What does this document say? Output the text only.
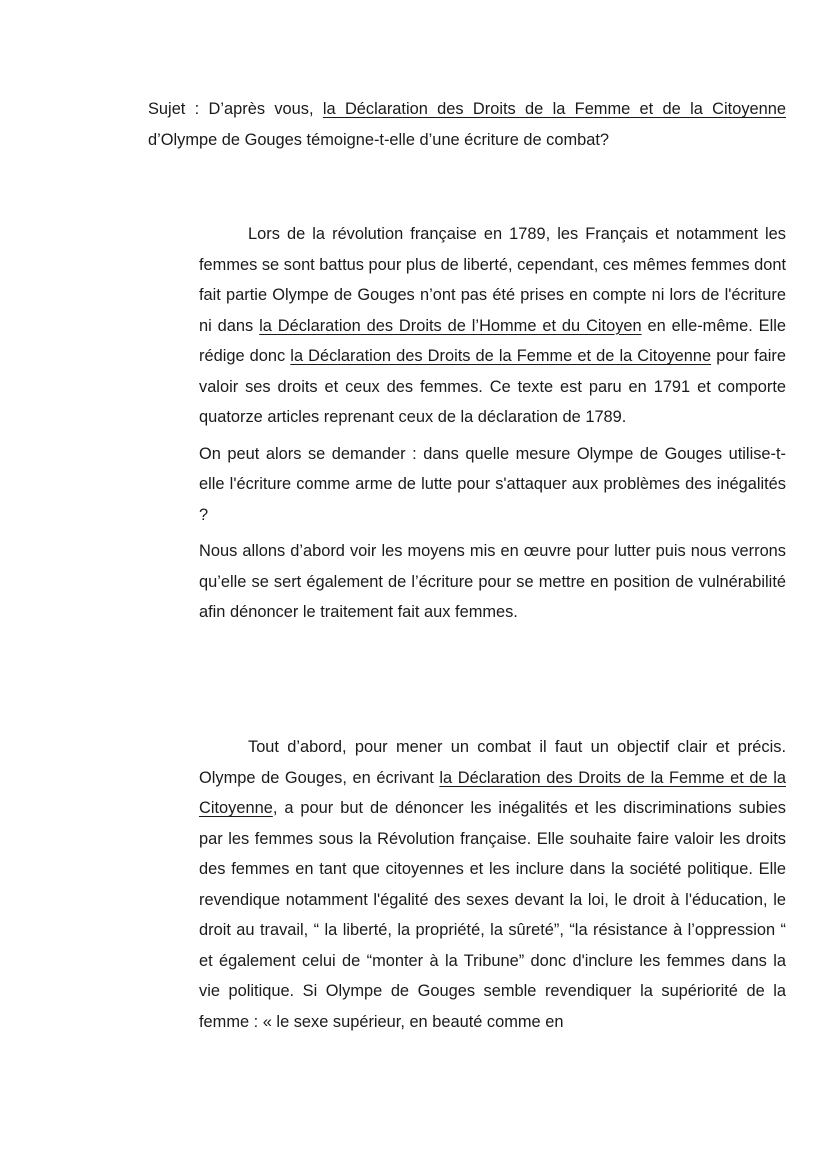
Sujet : D’après vous, la Déclaration des Droits de la Femme et de la Citoyenne d’Olympe de Gouges témoigne-t-elle d’une écriture de combat?

Lors de la révolution française en 1789, les Français et notamment les femmes se sont battus pour plus de liberté, cependant, ces mêmes femmes dont fait partie Olympe de Gouges n’ont pas été prises en compte ni lors de l'écriture ni dans la Déclaration des Droits de l’Homme et du Citoyen en elle-même. Elle rédige donc la Déclaration des Droits de la Femme et de la Citoyenne pour faire valoir ses droits et ceux des femmes. Ce texte est paru en 1791 et comporte quatorze articles reprenant ceux de la déclaration de 1789.

On peut alors se demander : dans quelle mesure Olympe de Gouges utilise-t-elle l'écriture comme arme de lutte pour s'attaquer aux problèmes des inégalités ?

Nous allons d’abord voir les moyens mis en œuvre pour lutter puis nous verrons qu’elle se sert également de l’écriture pour se mettre en position de vulnérabilité afin dénoncer le traitement fait aux femmes.

Tout d’abord, pour mener un combat il faut un objectif clair et précis. Olympe de Gouges, en écrivant la Déclaration des Droits de la Femme et de la Citoyenne, a pour but de dénoncer les inégalités et les discriminations subies par les femmes sous la Révolution française. Elle souhaite faire valoir les droits des femmes en tant que citoyennes et les inclure dans la société politique. Elle revendique notamment l'égalité des sexes devant la loi, le droit à l'éducation, le droit au travail, “ la liberté, la propriété, la sûreté”, “la résistance à l’oppression “ et également celui de “monter à la Tribune” donc d'inclure les femmes dans la vie politique. Si Olympe de Gouges semble revendiquer la supériorité de la femme : « le sexe supérieur, en beauté comme en
